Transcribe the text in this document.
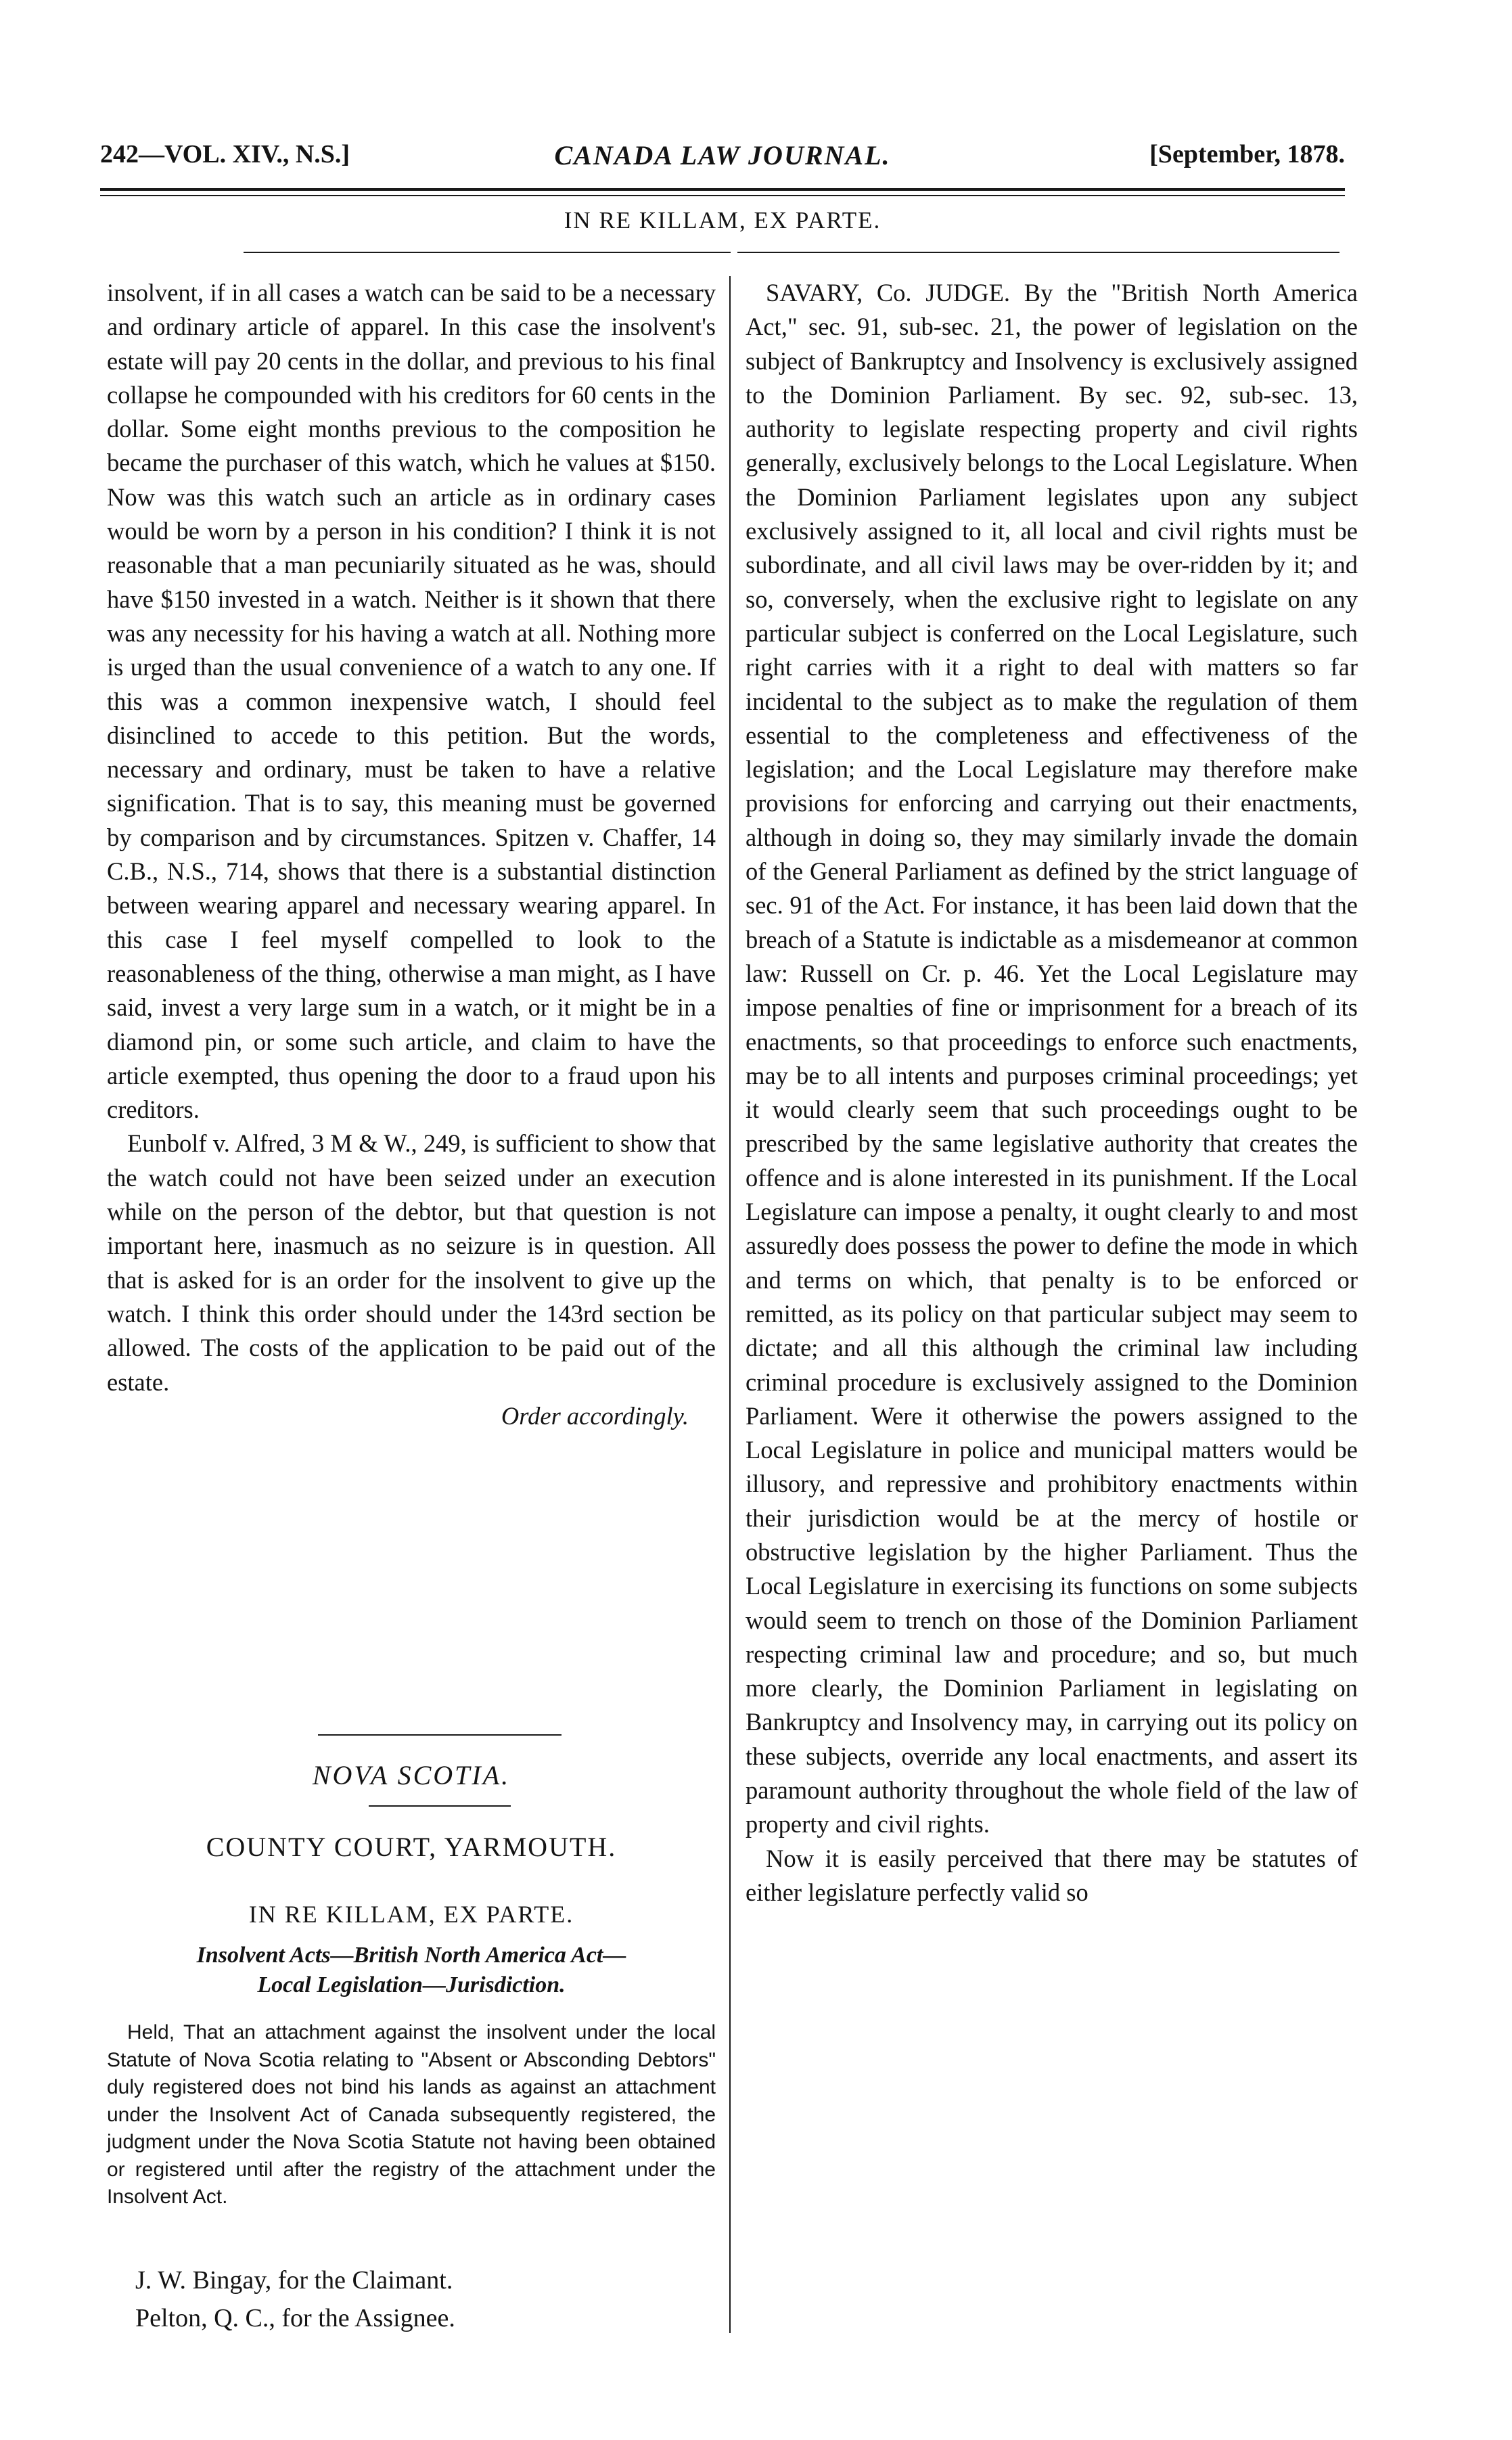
242—VOL. XIV., N.S.]	CANADA LAW JOURNAL.	[September, 1878.
IN RE KILLAM, EX PARTE.

insolvent, if in all cases a watch can be said to be a necessary and ordinary article of apparel. In this case the insolvent's estate will pay 20 cents in the dollar, and previous to his final collapse he compounded with his creditors for 60 cents in the dollar. Some eight months previous to the composition he became the purchaser of this watch, which he values at $150. Now was this watch such an article as in ordinary cases would be worn by a person in his condition? I think it is not reasonable that a man pecuniarily situated as he was, should have $150 invested in a watch. Neither is it shown that there was any necessity for his having a watch at all. Nothing more is urged than the usual convenience of a watch to any one. If this was a common inexpensive watch, I should feel disinclined to accede to this petition. But the words, necessary and ordinary, must be taken to have a relative signification. That is to say, this meaning must be governed by comparison and by circumstances. Spitzen v. Chaffer, 14 C.B., N.S., 714, shows that there is a substantial distinction between wearing apparel and necessary wearing apparel. In this case I feel myself compelled to look to the reasonableness of the thing, otherwise a man might, as I have said, invest a very large sum in a watch, or it might be in a diamond pin, or some such article, and claim to have the article exempted, thus opening the door to a fraud upon his creditors.

Eunbolf v. Alfred, 3 M & W., 249, is sufficient to show that the watch could not have been seized under an execution while on the person of the debtor, but that question is not important here, inasmuch as no seizure is in question. All that is asked for is an order for the insolvent to give up the watch. I think this order should under the 143rd section be allowed. The costs of the application to be paid out of the estate.

Order accordingly.
NOVA SCOTIA.
COUNTY COURT, YARMOUTH.
IN RE KILLAM, EX PARTE.
Insolvent Acts—British North America Act—
Local Legislation—Jurisdiction.

Held, That an attachment against the insolvent under the local Statute of Nova Scotia relating to "Absent or Absconding Debtors" duly registered does not bind his lands as against an attachment under the Insolvent Act of Canada subsequently registered, the judgment under the Nova Scotia Statute not having been obtained or registered until after the registry of the attachment under the Insolvent Act.

J. W. Bingay, for the Claimant.
Pelton, Q. C., for the Assignee.

SAVARY, Co. JUDGE. By the "British North America Act," sec. 91, sub-sec. 21, the power of legislation on the subject of Bankruptcy and Insolvency is exclusively assigned to the Dominion Parliament. By sec. 92, sub-sec. 13, authority to legislate respecting property and civil rights generally, exclusively belongs to the Local Legislature. When the Dominion Parliament legislates upon any subject exclusively assigned to it, all local and civil rights must be subordinate, and all civil laws may be over-ridden by it; and so, conversely, when the exclusive right to legislate on any particular subject is conferred on the Local Legislature, such right carries with it a right to deal with matters so far incidental to the subject as to make the regulation of them essential to the completeness and effectiveness of the legislation; and the Local Legislature may therefore make provisions for enforcing and carrying out their enactments, although in doing so, they may similarly invade the domain of the General Parliament as defined by the strict language of sec. 91 of the Act. For instance, it has been laid down that the breach of a Statute is indictable as a misdemeanor at common law: Russell on Cr. p. 46. Yet the Local Legislature may impose penalties of fine or imprisonment for a breach of its enactments, so that proceedings to enforce such enactments, may be to all intents and purposes criminal proceedings; yet it would clearly seem that such proceedings ought to be prescribed by the same legislative authority that creates the offence and is alone interested in its punishment. If the Local Legislature can impose a penalty, it ought clearly to and most assuredly does possess the power to define the mode in which and terms on which, that penalty is to be enforced or remitted, as its policy on that particular subject may seem to dictate; and all this although the criminal law including criminal procedure is exclusively assigned to the Dominion Parliament. Were it otherwise the powers assigned to the Local Legislature in police and municipal matters would be illusory, and repressive and prohibitory enactments within their jurisdiction would be at the mercy of hostile or obstructive legislation by the higher Parliament. Thus the Local Legislature in exercising its functions on some subjects would seem to trench on those of the Dominion Parliament respecting criminal law and procedure; and so, but much more clearly, the Dominion Parliament in legislating on Bankruptcy and Insolvency may, in carrying out its policy on these subjects, override any local enactments, and assert its paramount authority throughout the whole field of the law of property and civil rights.

Now it is easily perceived that there may be statutes of either legislature perfectly valid so
